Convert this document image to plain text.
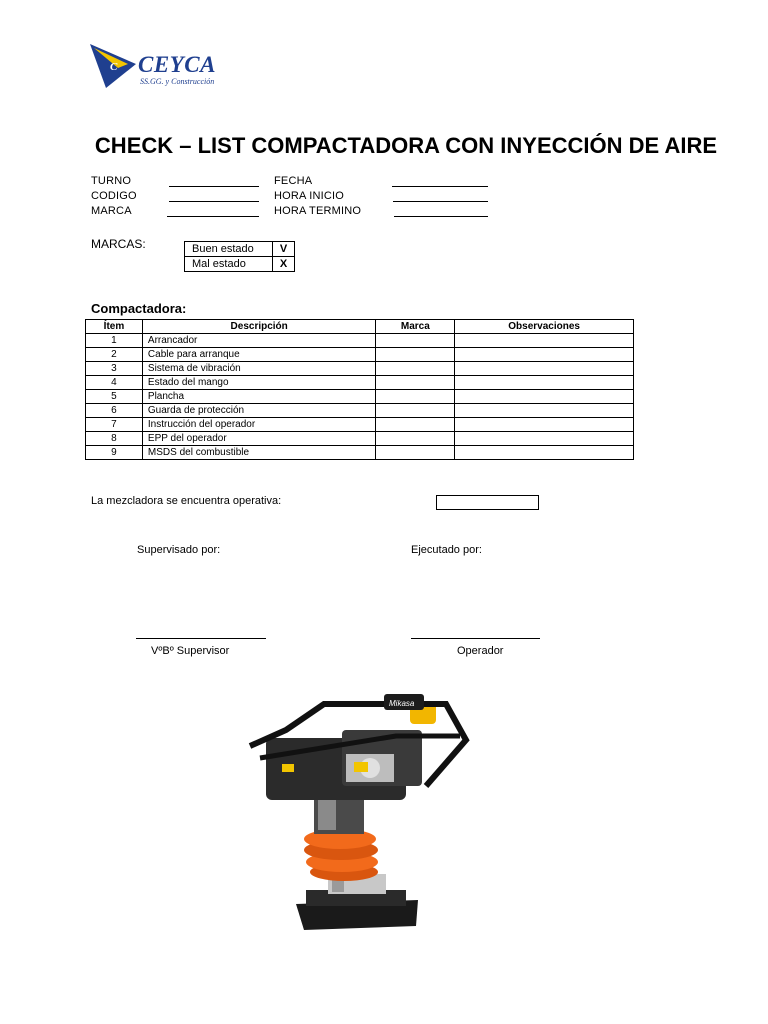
C CEYCA
SS.GG. y Construcción
CHECK – LIST COMPACTADORA CON INYECCIÓN DE AIRE
TURNO
CODIGO
MARCA
FECHA
HORA INICIO
HORA TERMINO
MARCAS:	Buen estado	V
Mal estado	X
Compactadora:
Ítem	Descripción	Marca	Observaciones
1	Arrancador		
2	Cable para arranque		
3	Sistema de vibración		
4	Estado del mango		
5	Plancha		
6	Guarda de protección		
7	Instrucción del operador		
8	EPP del operador		
9	MSDS del combustible		
La mezcladora se encuentra operativa:
Supervisado por:	Ejecutado por:
VºBº Supervisor	Operador
Mikasa
